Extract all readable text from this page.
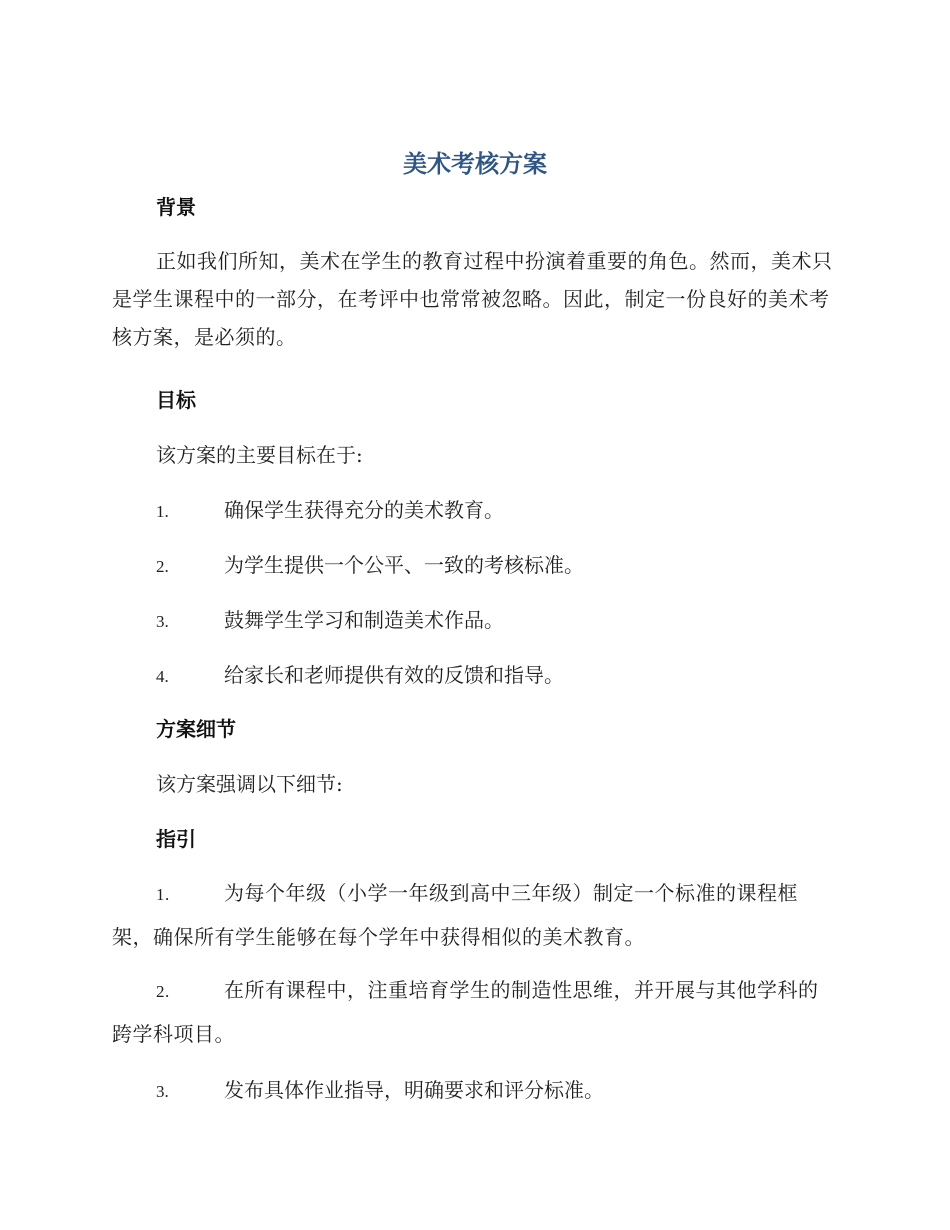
美术考核方案
背景

正如我们所知，美术在学生的教育过程中扮演着重要的角色。然而，美术只是学生课程中的一部分，在考评中也常常被忽略。因此，制定一份良好的美术考核方案，是必须的。

目标

该方案的主要目标在于:

1.	确保学生获得充分的美术教育。
2.	为学生提供一个公平、一致的考核标准。
3.	鼓舞学生学习和制造美术作品。
4.	给家长和老师提供有效的反馈和指导。
方案细节

该方案强调以下细节:

指引

1.	为每个年级（小学一年级到高中三年级）制定一个标准的课程框架，确保所有学生能够在每个学年中获得相似的美术教育。

2.	在所有课程中，注重培育学生的制造性思维，并开展与其他学科的跨学科项目。

3.	发布具体作业指导，明确要求和评分标准。
